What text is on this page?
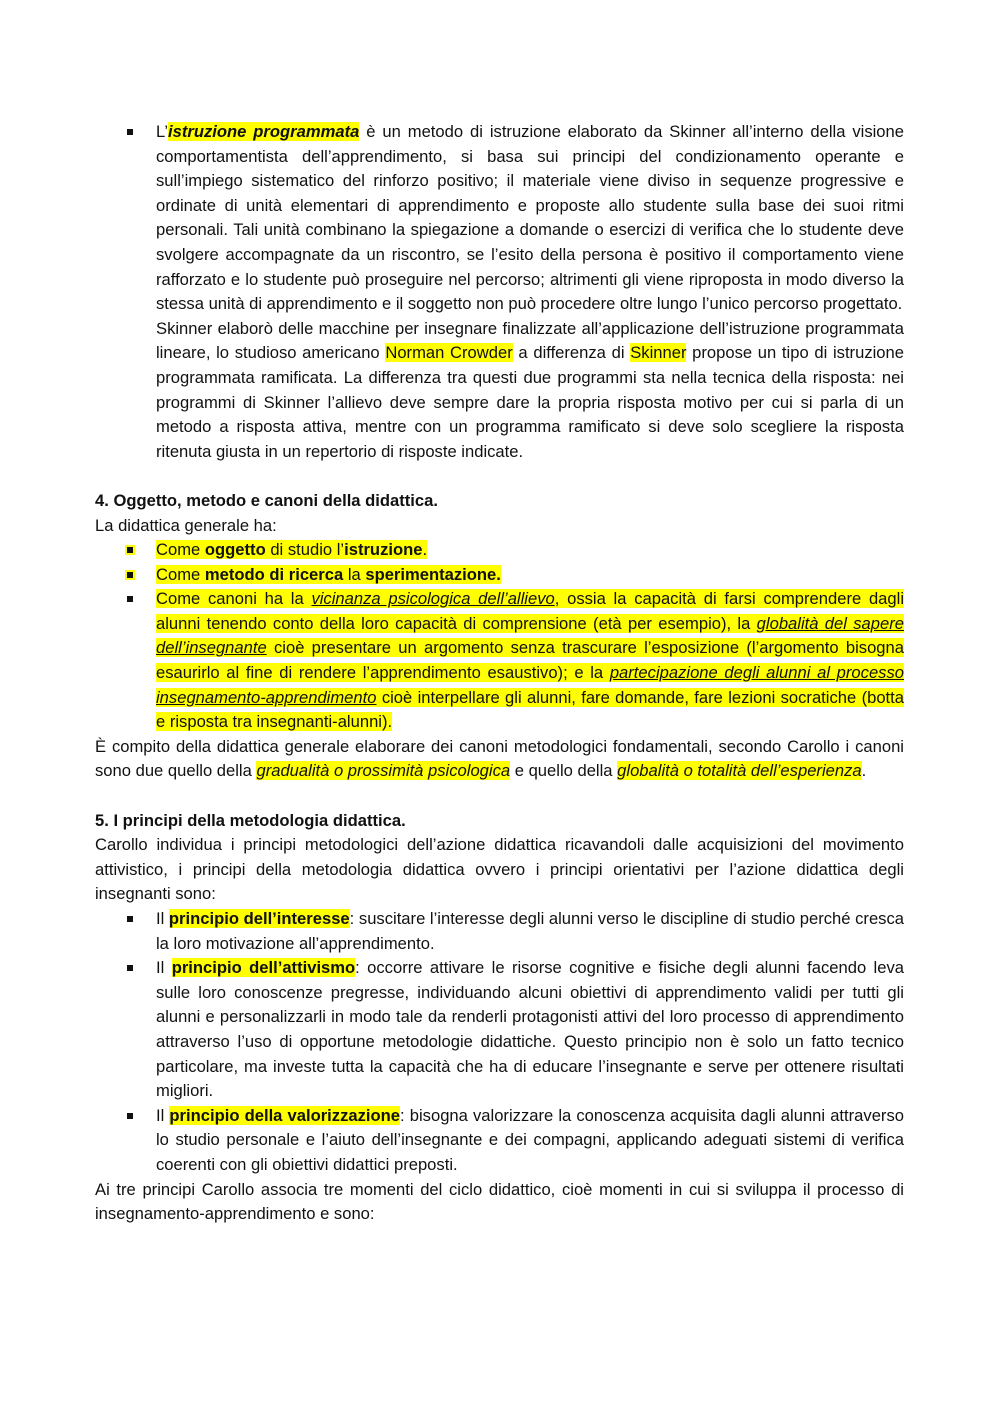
L’istruzione programmata è un metodo di istruzione elaborato da Skinner all’interno della visione comportamentista dell’apprendimento, si basa sui principi del condizionamento operante e sull’impiego sistematico del rinforzo positivo; il materiale viene diviso in sequenze progressive e ordinate di unità elementari di apprendimento e proposte allo studente sulla base dei suoi ritmi personali. Tali unità combinano la spiegazione a domande o esercizi di verifica che lo studente deve svolgere accompagnate da un riscontro, se l’esito della persona è positivo il comportamento viene rafforzato e lo studente può proseguire nel percorso; altrimenti gli viene riproposta in modo diverso la stessa unità di apprendimento e il soggetto non può procedere oltre lungo l’unico percorso progettato.

Skinner elaborò delle macchine per insegnare finalizzate all’applicazione dell’istruzione programmata lineare, lo studioso americano Norman Crowder a differenza di Skinner propose un tipo di istruzione programmata ramificata. La differenza tra questi due programmi sta nella tecnica della risposta: nei programmi di Skinner l’allievo deve sempre dare la propria risposta motivo per cui si parla di un metodo a risposta attiva, mentre con un programma ramificato si deve solo scegliere la risposta ritenuta giusta in un repertorio di risposte indicate.

4. Oggetto, metodo e canoni della didattica.

La didattica generale ha:

Come oggetto di studio l’istruzione.
Come metodo di ricerca la sperimentazione.
Come canoni ha la vicinanza psicologica dell’allievo, ossia la capacità di farsi comprendere dagli alunni tenendo conto della loro capacità di comprensione (età per esempio), la globalità del sapere dell’insegnante cioè presentare un argomento senza trascurare l’esposizione (l’argomento bisogna esaurirlo al fine di rendere l’apprendimento esaustivo); e la partecipazione degli alunni al processo insegnamento-apprendimento cioè interpellare gli alunni, fare domande, fare lezioni socratiche (botta e risposta tra insegnanti-alunni).

È compito della didattica generale elaborare dei canoni metodologici fondamentali, secondo Carollo i canoni sono due quello della gradualità o prossimità psicologica e quello della globalità o totalità dell’esperienza.

5. I principi della metodologia didattica.

Carollo individua i principi metodologici dell’azione didattica ricavandoli dalle acquisizioni del movimento attivistico, i principi della metodologia didattica ovvero i principi orientativi per l’azione didattica degli insegnanti sono:

Il principio dell’interesse: suscitare l’interesse degli alunni verso le discipline di studio perché cresca la loro motivazione all’apprendimento.
Il principio dell’attivismo: occorre attivare le risorse cognitive e fisiche degli alunni facendo leva sulle loro conoscenze pregresse, individuando alcuni obiettivi di apprendimento validi per tutti gli alunni e personalizzarli in modo tale da renderli protagonisti attivi del loro processo di apprendimento attraverso l’uso di opportune metodologie didattiche. Questo principio non è solo un fatto tecnico particolare, ma investe tutta la capacità che ha di educare l’insegnante e serve per ottenere risultati migliori.
Il principio della valorizzazione: bisogna valorizzare la conoscenza acquisita dagli alunni attraverso lo studio personale e l’aiuto dell’insegnante e dei compagni, applicando adeguati sistemi di verifica coerenti con gli obiettivi didattici preposti.

Ai tre principi Carollo associa tre momenti del ciclo didattico, cioè momenti in cui si sviluppa il processo di insegnamento-apprendimento e sono:
